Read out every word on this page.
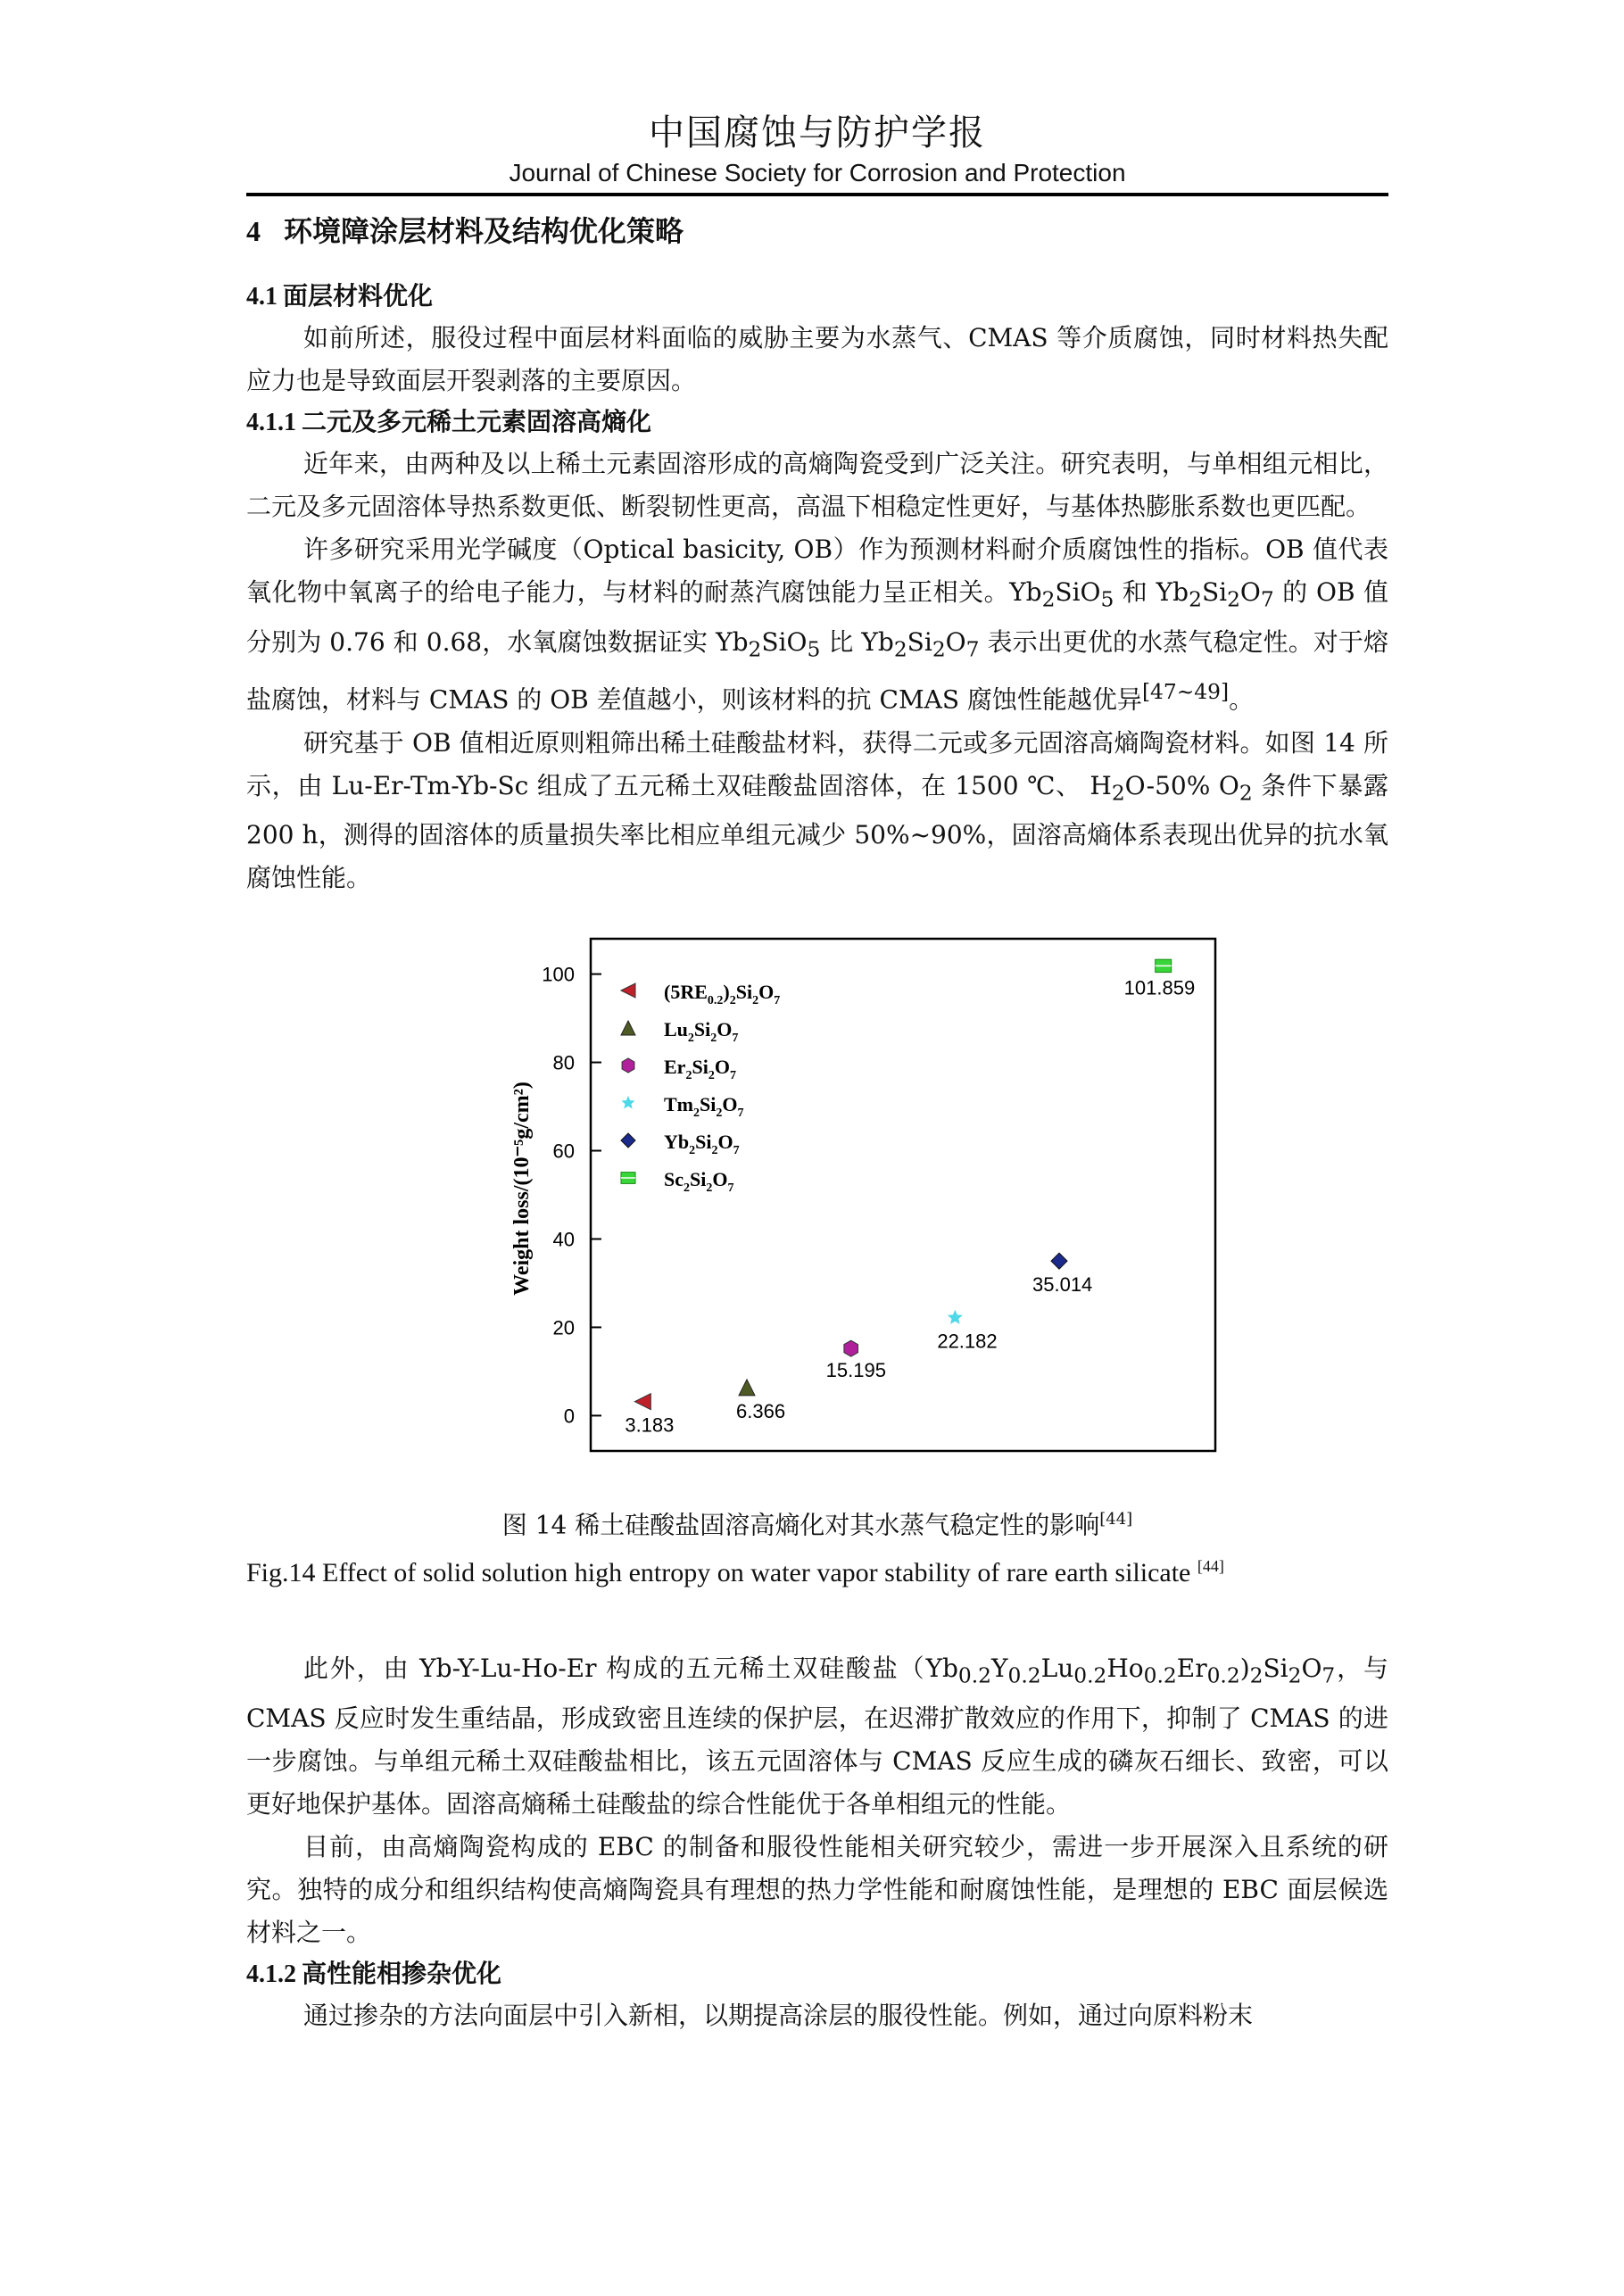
中国腐蚀与防护学报
Journal of Chinese Society for Corrosion and Protection
4 环境障涂层材料及结构优化策略
4.1 面层材料优化

如前所述，服役过程中面层材料面临的威胁主要为水蒸气、CMAS 等介质腐蚀，同时材料热失配应力也是导致面层开裂剥落的主要原因。

4.1.1 二元及多元稀土元素固溶高熵化

近年来，由两种及以上稀土元素固溶形成的高熵陶瓷受到广泛关注。研究表明，与单相组元相比，二元及多元固溶体导热系数更低、断裂韧性更高，高温下相稳定性更好，与基体热膨胀系数也更匹配。

许多研究采用光学碱度（Optical basicity, OB）作为预测材料耐介质腐蚀性的指标。OB 值代表氧化物中氧离子的给电子能力，与材料的耐蒸汽腐蚀能力呈正相关。$Yb_2SiO_5$ 和 $Yb_2Si_2O_7$ 的 OB 值分别为 0.76 和 0.68，水氧腐蚀数据证实 $Yb_2SiO_5$ 比 $Yb_2Si_2O_7$ 表示出更优的水蒸气稳定性。对于熔盐腐蚀，材料与 CMAS 的 OB 差值越小，则该材料的抗 CMAS 腐蚀性能越优异[47~49]。

研究基于 OB 值相近原则粗筛出稀土硅酸盐材料，获得二元或多元固溶高熵陶瓷材料。如图 14 所示，由 Lu-Er-Tm-Yb-Sc 组成了五元稀土双硅酸盐固溶体，在 1500 ℃、 $H_2O-50\%$ $O_2$ 条件下暴露 200 h，测得的固溶体的质量损失率比相应单组元减少 50%~90%，固溶高熵体系表现出优异的抗水氧腐蚀性能。

0
20
40
60
80
100
Weight loss/(10⁻⁵g/cm²)
$(5RE_{0.2})_2Si_2O_7$
$Lu_2Si_2O_7$
$Er_2Si_2O_7$
$Tm_2Si_2O_7$
$Yb_2Si_2O_7$
$Sc_2Si_2O_7$
3.183
6.366
15.195
22.182
35.014
101.859
图 14 稀土硅酸盐固溶高熵化对其水蒸气稳定性的影响[44]
Fig.14 Effect of solid solution high entropy on water vapor stability of rare earth silicate [44]

此外，由 Yb-Y-Lu-Ho-Er 构成的五元稀土双硅酸盐$(Yb_{0.2}Y_{0.2}Lu_{0.2}Ho_{0.2}Er_{0.2})_2Si_2O_7$，与 CMAS 反应时发生重结晶，形成致密且连续的保护层，在迟滞扩散效应的作用下，抑制了 CMAS 的进一步腐蚀。与单组元稀土双硅酸盐相比，该五元固溶体与 CMAS 反应生成的磷灰石细长、致密，可以更好地保护基体。固溶高熵稀土硅酸盐的综合性能优于各单相组元的性能。

目前，由高熵陶瓷构成的 EBC 的制备和服役性能相关研究较少，需进一步开展深入且系统的研究。独特的成分和组织结构使高熵陶瓷具有理想的热力学性能和耐腐蚀性能，是理想的 EBC 面层候选材料之一。

4.1.2 高性能相掺杂优化

通过掺杂的方法向面层中引入新相，以期提高涂层的服役性能。例如，通过向原料粉末
